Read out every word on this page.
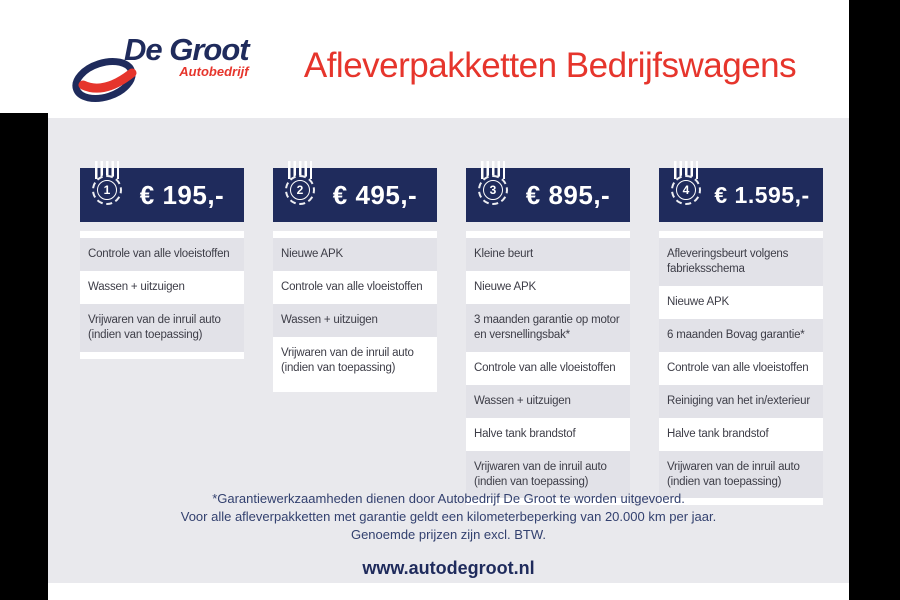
De Groot
Autobedrijf	Afleverpakketten Bedrijfswagens
1	€ 195,-
Controle van alle vloeistoffen
Wassen + uitzuigen
Vrijwaren van de inruil auto (indien van toepassing)
2	€ 495,-
Nieuwe APK
Controle van alle vloeistoffen
Wassen + uitzuigen
Vrijwaren van de inruil auto (indien van toepassing)
3	€ 895,-
Kleine beurt
Nieuwe APK
3 maanden garantie op motor en versnellingsbak*
Controle van alle vloeistoffen
Wassen + uitzuigen
Halve tank brandstof
Vrijwaren van de inruil auto (indien van toepassing)
4	€ 1.595,-
Afleveringsbeurt volgens fabrieksschema
Nieuwe APK
6 maanden Bovag garantie*
Controle van alle vloeistoffen
Reiniging van het in/exterieur
Halve tank brandstof
Vrijwaren van de inruil auto (indien van toepassing)

*Garantiewerkzaamheden dienen door Autobedrijf De Groot te worden uitgevoerd.

Voor alle afleverpakketten met garantie geldt een kilometerbeperking van 20.000 km per jaar.

Genoemde prijzen zijn excl. BTW.

www.autodegroot.nl
